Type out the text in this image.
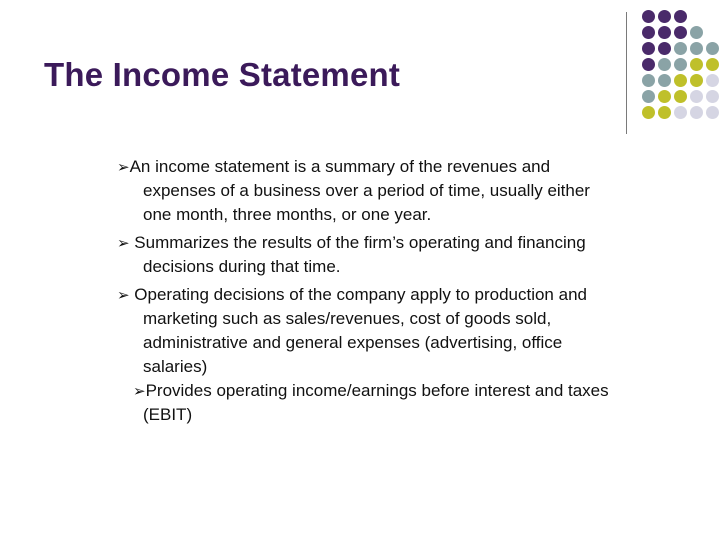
The Income Statement
➢An income statement is a summary of the revenues and
expenses of a business over a period of time, usually either
one month, three months, or one year.
➢ Summarizes the results of the firm’s operating and financing
decisions during that time.
➢ Operating decisions of the company apply to production and
marketing such as sales/revenues, cost of goods sold,
administrative and general expenses (advertising, office
salaries)
➢Provides operating income/earnings before interest and taxes
(EBIT)
